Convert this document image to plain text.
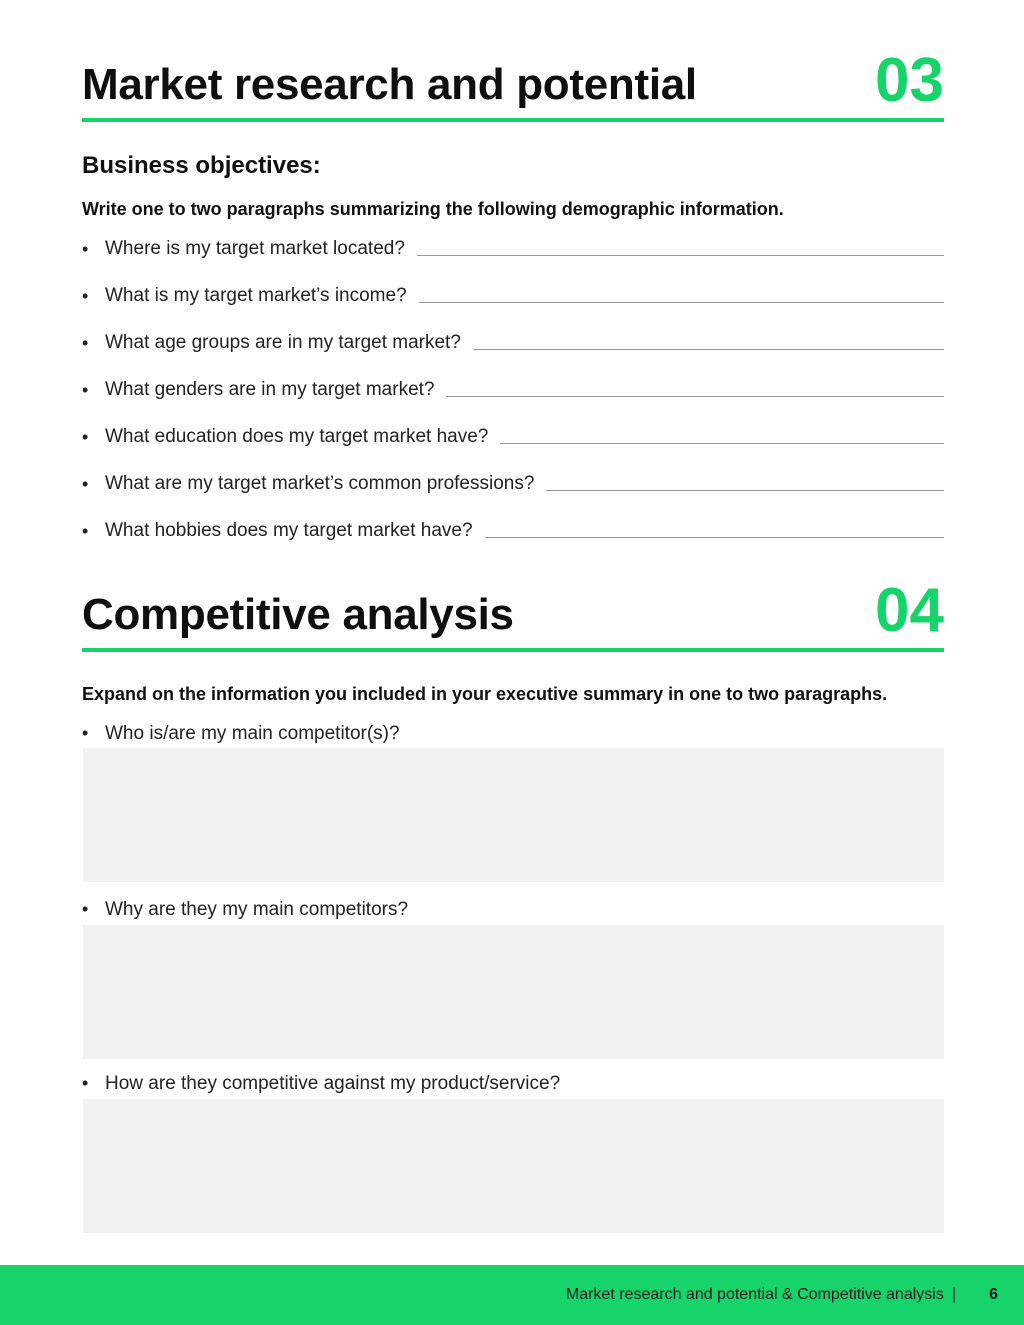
Market research and potential	03
Business objectives:
Write one to two paragraphs summarizing the following demographic information.
• Where is my target market located?
• What is my target market’s income?
• What age groups are in my target market?
• What genders are in my target market?
• What education does my target market have?
• What are my target market’s common professions?
• What hobbies does my target market have?
Competitive analysis	04
Expand on the information you included in your executive summary in one to two paragraphs.
• Who is/are my main competitor(s)?
• Why are they my main competitors?
• How are they competitive against my product/service?
Market research and potential & Competitive analysis | 6
